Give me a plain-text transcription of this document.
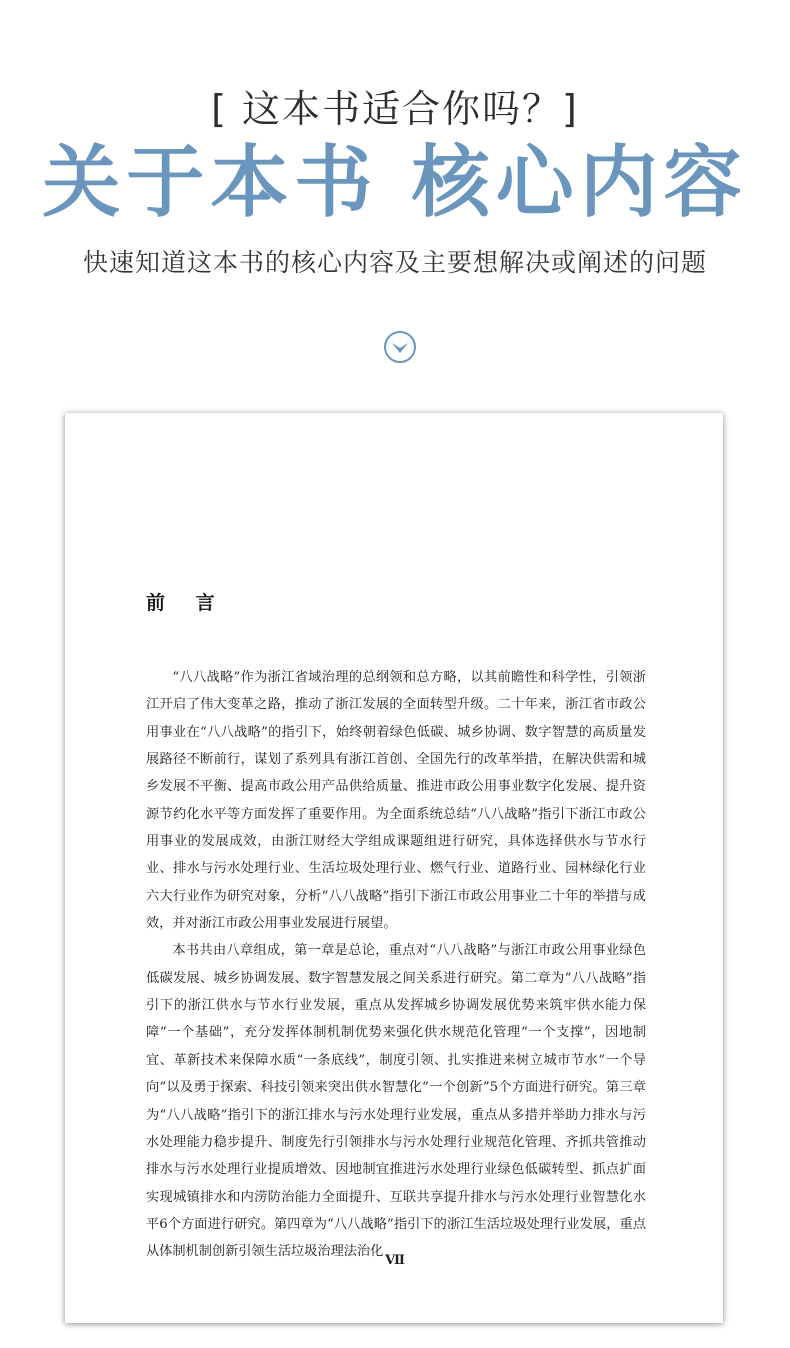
[ 这本书适合你吗？]
关于本书 核心内容
快速知道这本书的核心内容及主要想解决或阐述的问题
前 言

“八八战略”作为浙江省域治理的总纲领和总方略，以其前瞻性和科学性，引领浙江开启了伟大变革之路，推动了浙江发展的全面转型升级。二十年来，浙江省市政公用事业在“八八战略”的指引下，始终朝着绿色低碳、城乡协调、数字智慧的高质量发展路径不断前行，谋划了系列具有浙江首创、全国先行的改革举措，在解决供需和城乡发展不平衡、提高市政公用产品供给质量、推进市政公用事业数字化发展、提升资源节约化水平等方面发挥了重要作用。为全面系统总结“八八战略”指引下浙江市政公用事业的发展成效，由浙江财经大学组成课题组进行研究，具体选择供水与节水行业、排水与污水处理行业、生活垃圾处理行业、燃气行业、道路行业、园林绿化行业六大行业作为研究对象，分析“八八战略”指引下浙江市政公用事业二十年的举措与成效，并对浙江市政公用事业发展进行展望。

本书共由八章组成，第一章是总论，重点对“八八战略”与浙江市政公用事业绿色低碳发展、城乡协调发展、数字智慧发展之间关系进行研究。第二章为“八八战略”指引下的浙江供水与节水行业发展，重点从发挥城乡协调发展优势来筑牢供水能力保障“一个基础”，充分发挥体制机制优势来强化供水规范化管理“一个支撑”，因地制宜、革新技术来保障水质“一条底线”，制度引领、扎实推进来树立城市节水“一个导向”以及勇于探索、科技引领来突出供水智慧化“一个创新”5个方面进行研究。第三章为“八八战略”指引下的浙江排水与污水处理行业发展，重点从多措并举助力排水与污水处理能力稳步提升、制度先行引领排水与污水处理行业规范化管理、齐抓共管推动排水与污水处理行业提质增效、因地制宜推进污水处理行业绿色低碳转型、抓点扩面实现城镇排水和内涝防治能力全面提升、互联共享提升排水与污水处理行业智慧化水平6个方面进行研究。第四章为“八八战略”指引下的浙江生活垃圾处理行业发展，重点从体制机制创新引领生活垃圾治理法治化

Ⅶ
